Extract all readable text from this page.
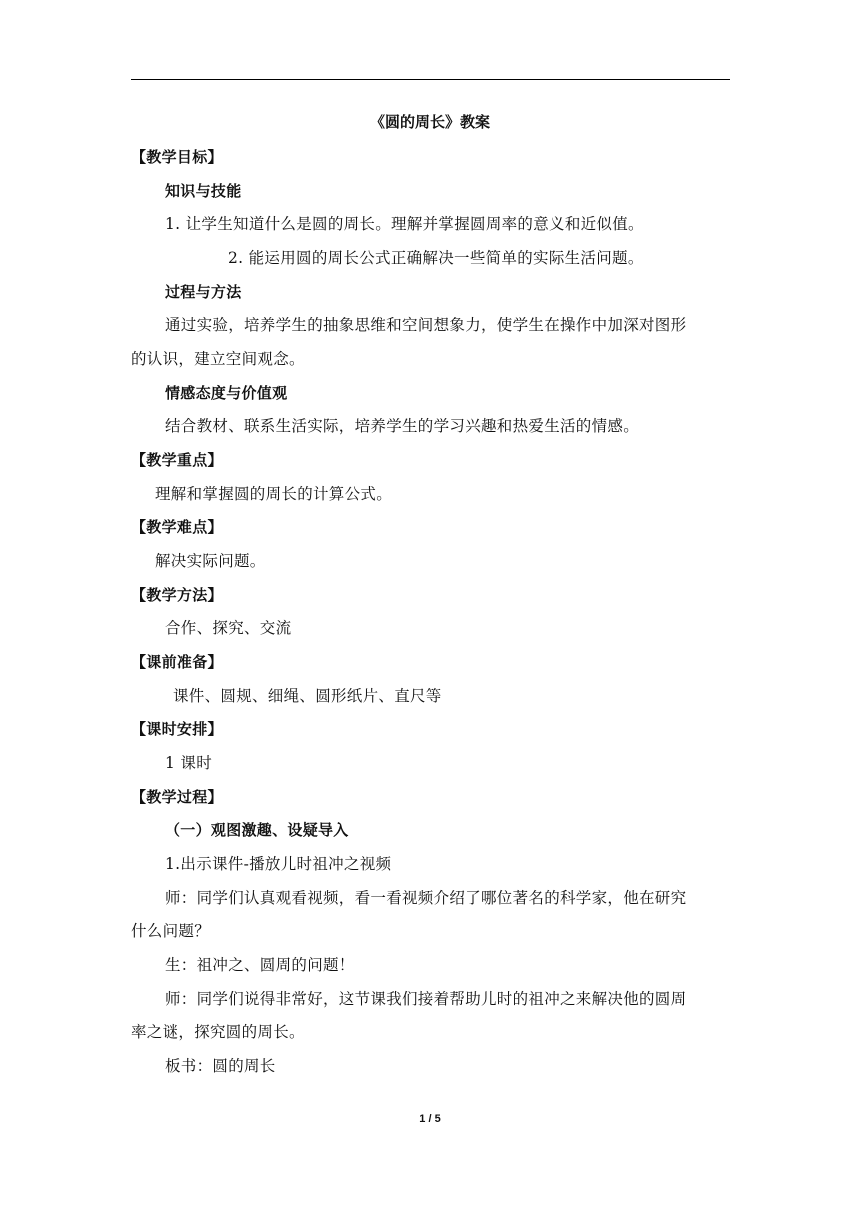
《圆的周长》教案
【教学目标】
知识与技能
1. 让学生知道什么是圆的周长。理解并掌握圆周率的意义和近似值。
2. 能运用圆的周长公式正确解决一些简单的实际生活问题。
过程与方法
通过实验，培养学生的抽象思维和空间想象力，使学生在操作中加深对图形
的认识，建立空间观念。
情感态度与价值观
结合教材、联系生活实际，培养学生的学习兴趣和热爱生活的情感。
【教学重点】
理解和掌握圆的周长的计算公式。
【教学难点】
解决实际问题。
【教学方法】
合作、探究、交流
【课前准备】
课件、圆规、细绳、圆形纸片、直尺等
【课时安排】
1 课时
【教学过程】
（一）观图激趣、设疑导入
1.出示课件-播放儿时祖冲之视频
师：同学们认真观看视频，看一看视频介绍了哪位著名的科学家，他在研究
什么问题？
生：祖冲之、圆周的问题！
师：同学们说得非常好，这节课我们接着帮助儿时的祖冲之来解决他的圆周
率之谜，探究圆的周长。
板书：圆的周长
1 / 5
